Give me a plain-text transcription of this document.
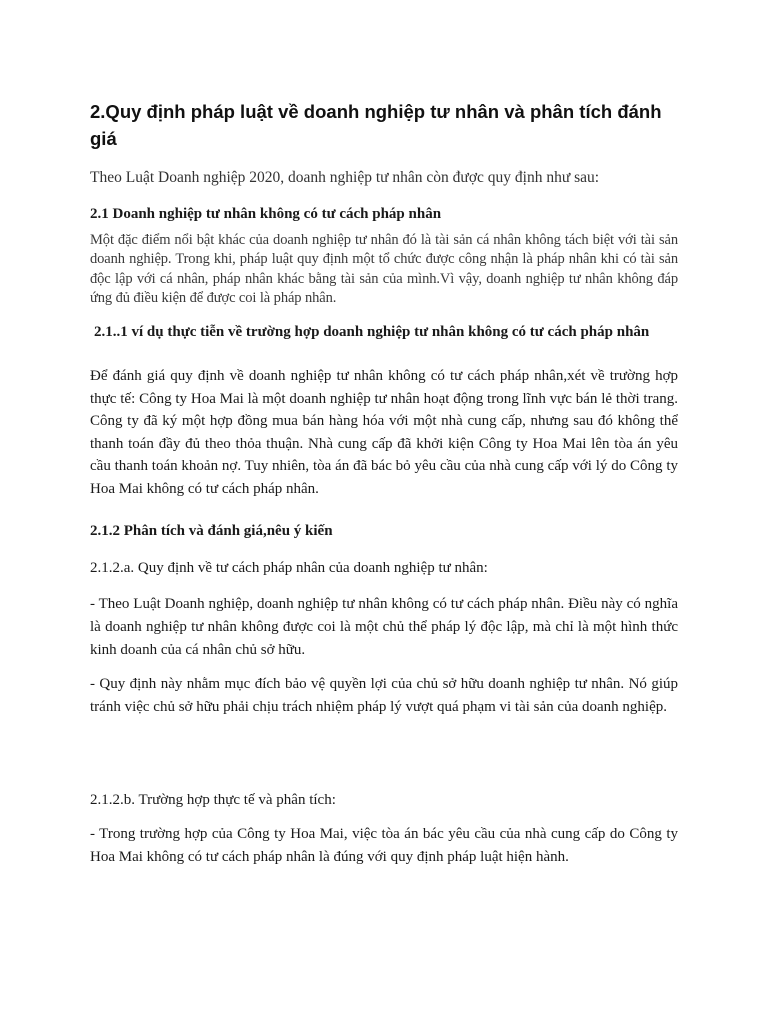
2.Quy định pháp luật về doanh nghiệp tư nhân và phân tích đánh giá

Theo Luật Doanh nghiệp 2020, doanh nghiệp tư nhân còn được quy định như sau:

2.1 Doanh nghiệp tư nhân không có tư cách pháp nhân

Một đặc điểm nổi bật khác của doanh nghiệp tư nhân đó là tài sản cá nhân không tách biệt với tài sản doanh nghiệp. Trong khi, pháp luật quy định một tổ chức được công nhận là pháp nhân khi có tài sản độc lập với cá nhân, pháp nhân khác bằng tài sản của mình.Vì vậy, doanh nghiệp tư nhân không đáp ứng đủ điều kiện để được coi là pháp nhân.

2.1..1 ví dụ thực tiễn về trường hợp doanh nghiệp tư nhân không có tư cách pháp nhân

Để đánh giá quy định về doanh nghiệp tư nhân không có tư cách pháp nhân,xét về trường hợp thực tế: Công ty Hoa Mai là một doanh nghiệp tư nhân hoạt động trong lĩnh vực bán lẻ thời trang. Công ty đã ký một hợp đồng mua bán hàng hóa với một nhà cung cấp, nhưng sau đó không thể thanh toán đầy đủ theo thỏa thuận. Nhà cung cấp đã khởi kiện Công ty Hoa Mai lên tòa án yêu cầu thanh toán khoản nợ. Tuy nhiên, tòa án đã bác bỏ yêu cầu của nhà cung cấp với lý do Công ty Hoa Mai không có tư cách pháp nhân.

2.1.2 Phân tích và đánh giá,nêu ý kiến

2.1.2.a. Quy định về tư cách pháp nhân của doanh nghiệp tư nhân:

- Theo Luật Doanh nghiệp, doanh nghiệp tư nhân không có tư cách pháp nhân. Điều này có nghĩa là doanh nghiệp tư nhân không được coi là một chủ thể pháp lý độc lập, mà chỉ là một hình thức kinh doanh của cá nhân chủ sở hữu.

- Quy định này nhằm mục đích bảo vệ quyền lợi của chủ sở hữu doanh nghiệp tư nhân. Nó giúp tránh việc chủ sở hữu phải chịu trách nhiệm pháp lý vượt quá phạm vi tài sản của doanh nghiệp.

2.1.2.b. Trường hợp thực tế và phân tích:

- Trong trường hợp của Công ty Hoa Mai, việc tòa án bác yêu cầu của nhà cung cấp do Công ty Hoa Mai không có tư cách pháp nhân là đúng với quy định pháp luật hiện hành.
